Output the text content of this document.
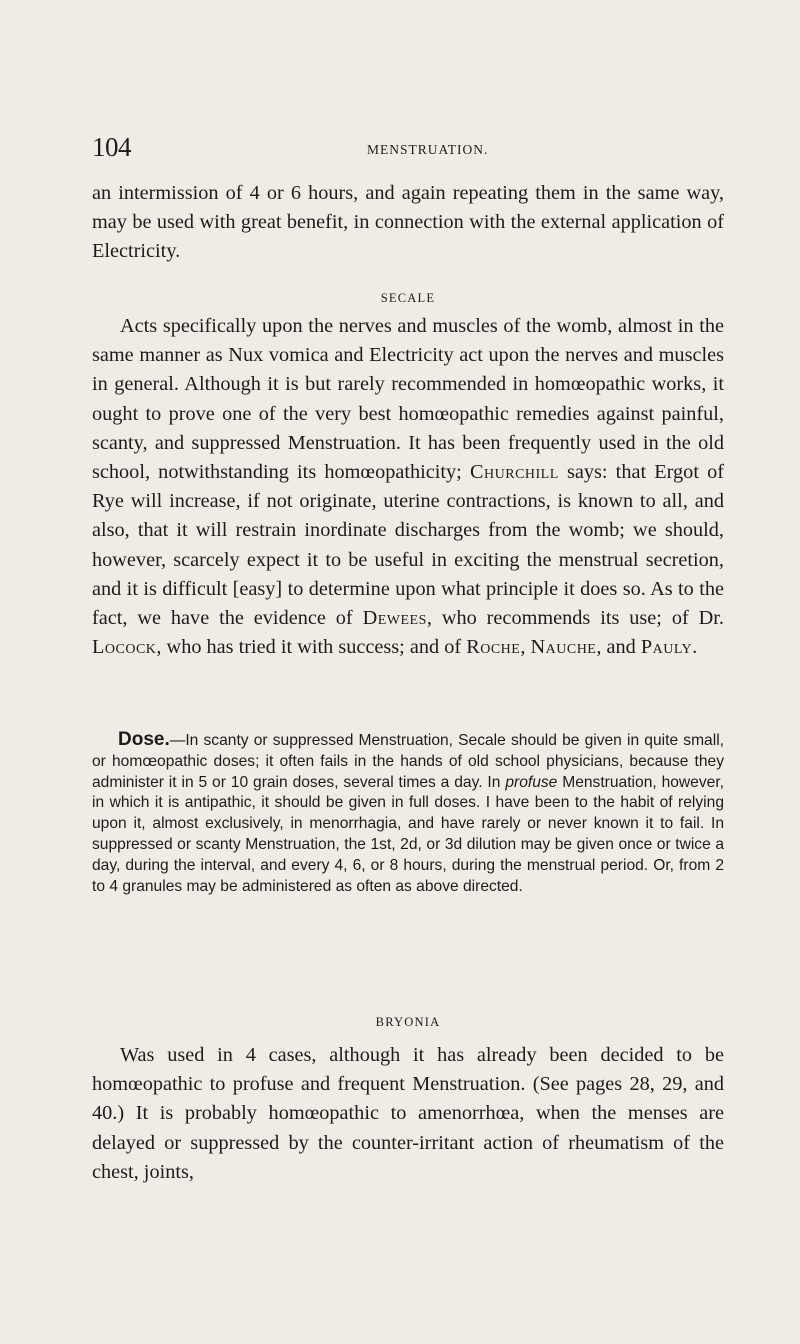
104	MENSTRUATION.

an intermission of 4 or 6 hours, and again repeating them in the same way, may be used with great benefit, in connection with the external application of Electricity.

SECALE

Acts specifically upon the nerves and muscles of the womb, almost in the same manner as Nux vomica and Electricity act upon the nerves and muscles in general. Although it is but rarely recommended in homœopathic works, it ought to prove one of the very best homœopathic remedies against painful, scanty, and suppressed Menstruation. It has been frequently used in the old school, notwithstanding its homœopathicity; Churchill says: that Ergot of Rye will increase, if not originate, uterine contractions, is known to all, and also, that it will restrain inordinate discharges from the womb; we should, however, scarcely expect it to be useful in exciting the menstrual secretion, and it is difficult [easy] to determine upon what principle it does so. As to the fact, we have the evidence of Dewees, who recommends its use; of Dr. Locock, who has tried it with success; and of Roche, Nauche, and Pauly.

Dose.—In scanty or suppressed Menstruation, Secale should be given in quite small, or homœopathic doses; it often fails in the hands of old school physicians, because they administer it in 5 or 10 grain doses, several times a day. In profuse Menstruation, however, in which it is antipathic, it should be given in full doses. I have been to the habit of relying upon it, almost exclusively, in menorrhagia, and have rarely or never known it to fail. In suppressed or scanty Menstruation, the 1st, 2d, or 3d dilution may be given once or twice a day, during the interval, and every 4, 6, or 8 hours, during the menstrual period. Or, from 2 to 4 granules may be administered as often as above directed.

BRYONIA

Was used in 4 cases, although it has already been decided to be homœopathic to profuse and frequent Menstruation. (See pages 28, 29, and 40.) It is probably homœopathic to amenorrhœa, when the menses are delayed or suppressed by the counter-irritant action of rheumatism of the chest, joints,
